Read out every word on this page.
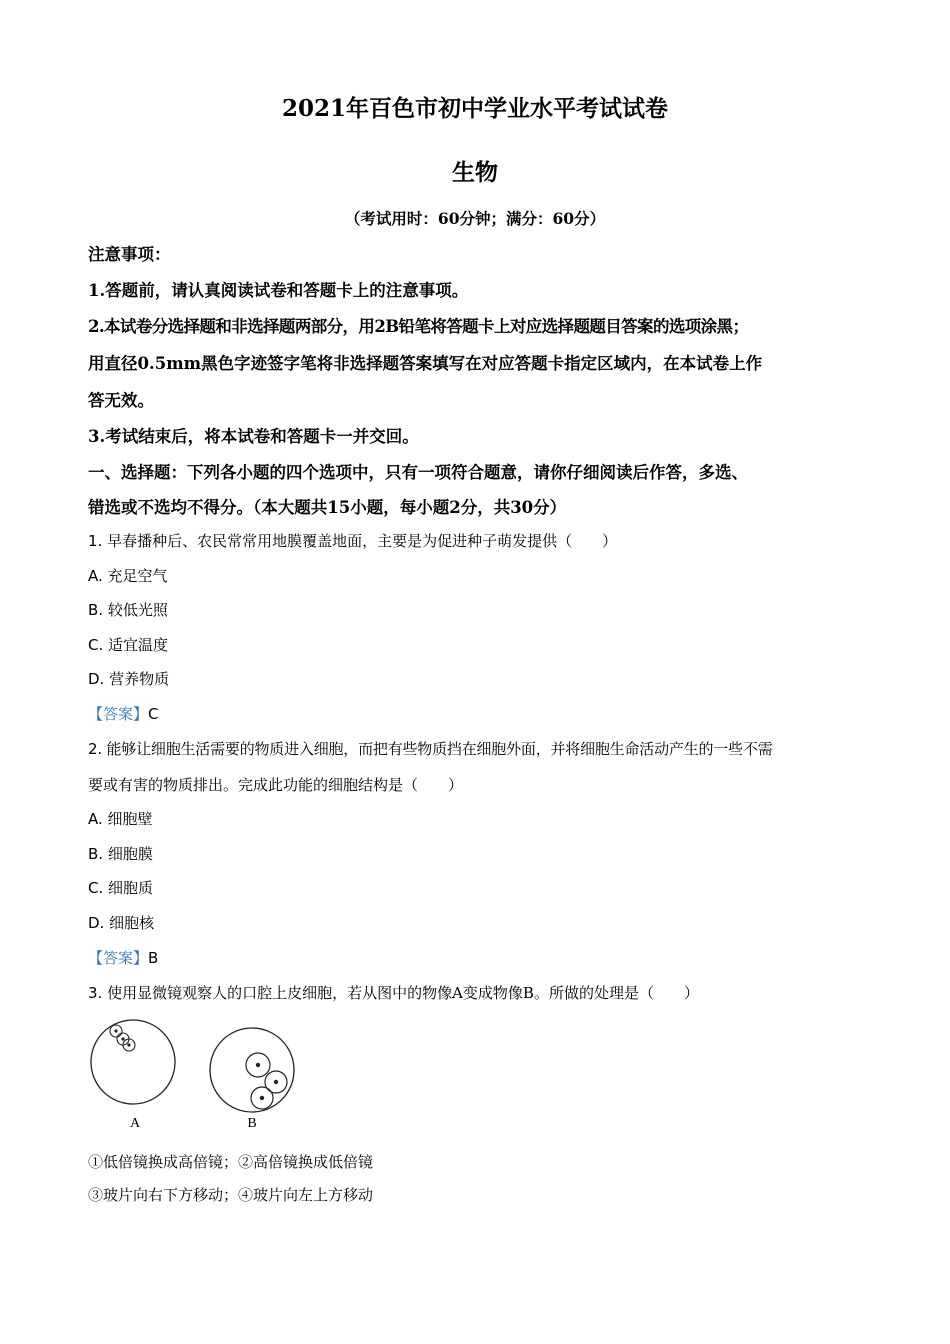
2021年百色市初中学业水平考试试卷
生物
（考试用时：60分钟；满分：60分）
注意事项：
1.答题前，请认真阅读试卷和答题卡上的注意事项。
2.本试卷分选择题和非选择题两部分，用2B铅笔将答题卡上对应选择题题目答案的选项涂黑；
用直径0.5mm黑色字迹签字笔将非选择题答案填写在对应答题卡指定区域内，在本试卷上作
答无效。
3.考试结束后，将本试卷和答题卡一并交回。
一、选择题：下列各小题的四个选项中，只有一项符合题意，请你仔细阅读后作答，多选、
错选或不选均不得分。（本大题共15小题，每小题2分，共30分）
1. 早春播种后、农民常常用地膜覆盖地面，主要是为促进种子萌发提供（　　）
A. 充足空气
B. 较低光照
C. 适宜温度
D. 营养物质
【答案】C
2. 能够让细胞生活需要的物质进入细胞，而把有些物质挡在细胞外面，并将细胞生命活动产生的一些不需
要或有害的物质排出。完成此功能的细胞结构是（　　）
A. 细胞壁
B. 细胞膜
C. 细胞质
D. 细胞核
【答案】B
3. 使用显微镜观察人的口腔上皮细胞，若从图中的物像A变成物像B。所做的处理是（　　）
A	B
①低倍镜换成高倍镜；②高倍镜换成低倍镜
③玻片向右下方移动；④玻片向左上方移动
